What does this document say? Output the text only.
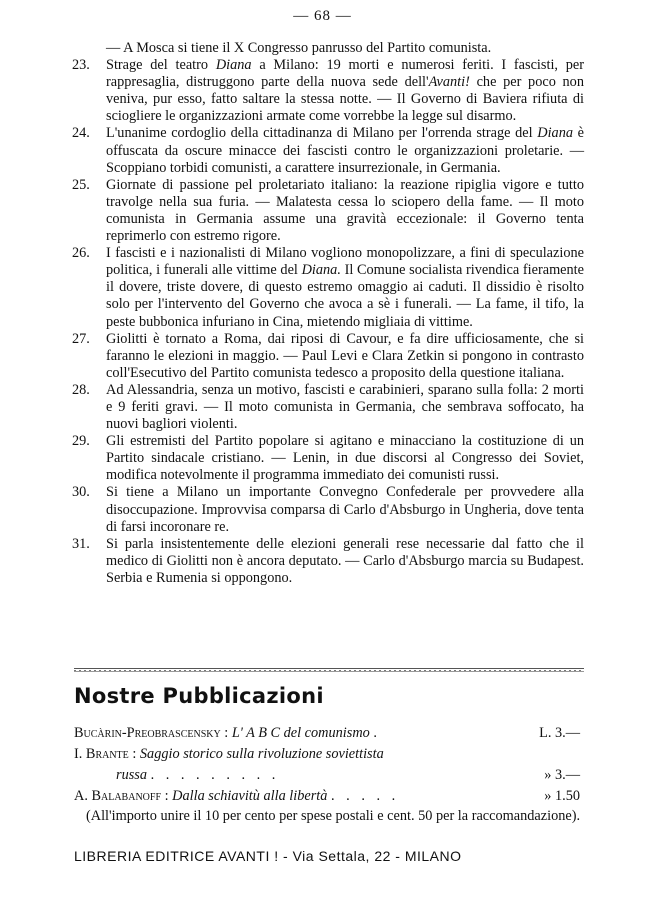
— 68 —
— A Mosca si tiene il X Congresso panrusso del Partito comunista.
23.	Strage del teatro Diana a Milano: 19 morti e numerosi feriti. I fascisti, per rappresaglia, distruggono parte della nuova sede dell'Avanti! che per poco non veniva, pur esso, fatto saltare la stessa notte. — Il Governo di Baviera rifiuta di sciogliere le organizzazioni armate come vorrebbe la legge sul disarmo.
24.	L'unanime cordoglio della cittadinanza di Milano per l'orrenda strage del Diana è offuscata da oscure minacce dei fascisti contro le organizzazioni proletarie. — Scoppiano torbidi comunisti, a carattere insurrezionale, in Germania.
25.	Giornate di passione pel proletariato italiano: la reazione ripiglia vigore e tutto travolge nella sua furia. — Malatesta cessa lo sciopero della fame. — Il moto comunista in Germania assume una gravità eccezionale: il Governo tenta reprimerlo con estremo rigore.
26.	I fascisti e i nazionalisti di Milano vogliono monopolizzare, a fini di speculazione politica, i funerali alle vittime del Diana. Il Comune socialista rivendica fieramente il dovere, triste dovere, di questo estremo omaggio ai caduti. Il dissidio è risolto solo per l'intervento del Governo che avoca a sè i funerali. — La fame, il tifo, la peste bubbonica infuriano in Cina, mietendo migliaia di vittime.
27.	Giolitti è tornato a Roma, dai riposi di Cavour, e fa dire ufficiosamente, che si faranno le elezioni in maggio. — Paul Levi e Clara Zetkin si pongono in contrasto coll'Esecutivo del Partito comunista tedesco a proposito della questione italiana.
28.	Ad Alessandria, senza un motivo, fascisti e carabinieri, sparano sulla folla: 2 morti e 9 feriti gravi. — Il moto comunista in Germania, che sembrava soffocato, ha nuovi bagliori violenti.
29.	Gli estremisti del Partito popolare si agitano e minacciano la costituzione di un Partito sindacale cristiano. — Lenin, in due discorsi al Congresso dei Soviet, modifica notevolmente il programma immediato dei comunisti russi.
30.	Si tiene a Milano un importante Convegno Confederale per provvedere alla disoccupazione. Improvvisa comparsa di Carlo d'Absburgo in Ungheria, dove tenta di farsi incoronare re.
31.	Si parla insistentemente delle elezioni generali rese necessarie dal fatto che il medico di Giolitti non è ancora deputato. — Carlo d'Absburgo marcia su Budapest. Serbia e Rumenia si oppongono.
Nostre Pubblicazioni
Bucàrin-Preobrascensky : L' A B C del comunismo .	L. 3.—
I. Brante : Saggio storico sulla rivoluzione soviettista
russa . . . . . . . . .	» 3.—
A. Balabanoff : Dalla schiavitù alla libertà . . . . .	» 1.50
(All'importo unire il 10 per cento per spese postali e cent. 50 per la raccomandazione).
LIBRERIA EDITRICE AVANTI ! - Via Settala, 22 - MILANO
